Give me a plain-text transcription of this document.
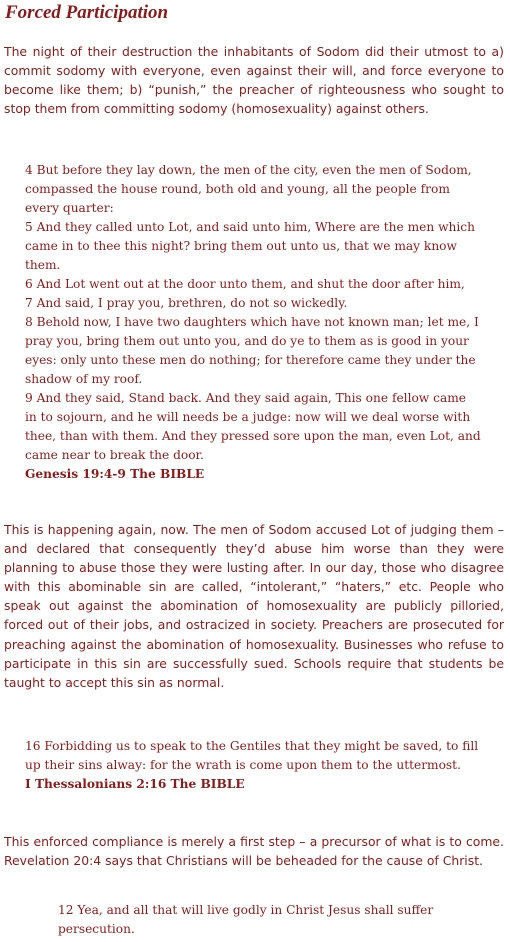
Forced Participation

The night of their destruction the inhabitants of Sodom did their utmost to a) commit sodomy with everyone, even against their will, and force everyone to become like them; b) “punish,” the preacher of righteousness who sought to stop them from committing sodomy (homosexuality) against others.

4 But before they lay down, the men of the city, even the men of Sodom, compassed the house round, both old and young, all the people from every quarter:
5 And they called unto Lot, and said unto him, Where are the men which came in to thee this night? bring them out unto us, that we may know them.
6 And Lot went out at the door unto them, and shut the door after him,
7 And said, I pray you, brethren, do not so wickedly.
8 Behold now, I have two daughters which have not known man; let me, I pray you, bring them out unto you, and do ye to them as is good in your eyes: only unto these men do nothing; for therefore came they under the shadow of my roof.
9 And they said, Stand back. And they said again, This one fellow came in to sojourn, and he will needs be a judge: now will we deal worse with thee, than with them. And they pressed sore upon the man, even Lot, and came near to break the door.
Genesis 19:4-9 The BIBLE

This is happening again, now. The men of Sodom accused Lot of judging them – and declared that consequently they’d abuse him worse than they were planning to abuse those they were lusting after. In our day, those who disagree with this abominable sin are called, “intolerant,” “haters,” etc. People who speak out against the abomination of homosexuality are publicly pilloried, forced out of their jobs, and ostracized in society. Preachers are prosecuted for preaching against the abomination of homosexuality. Businesses who refuse to participate in this sin are successfully sued. Schools require that students be taught to accept this sin as normal.

16 Forbidding us to speak to the Gentiles that they might be saved, to fill up their sins alway: for the wrath is come upon them to the uttermost.
I Thessalonians 2:16 The BIBLE

This enforced compliance is merely a first step – a precursor of what is to come. Revelation 20:4 says that Christians will be beheaded for the cause of Christ.

12 Yea, and all that will live godly in Christ Jesus shall suffer persecution.
